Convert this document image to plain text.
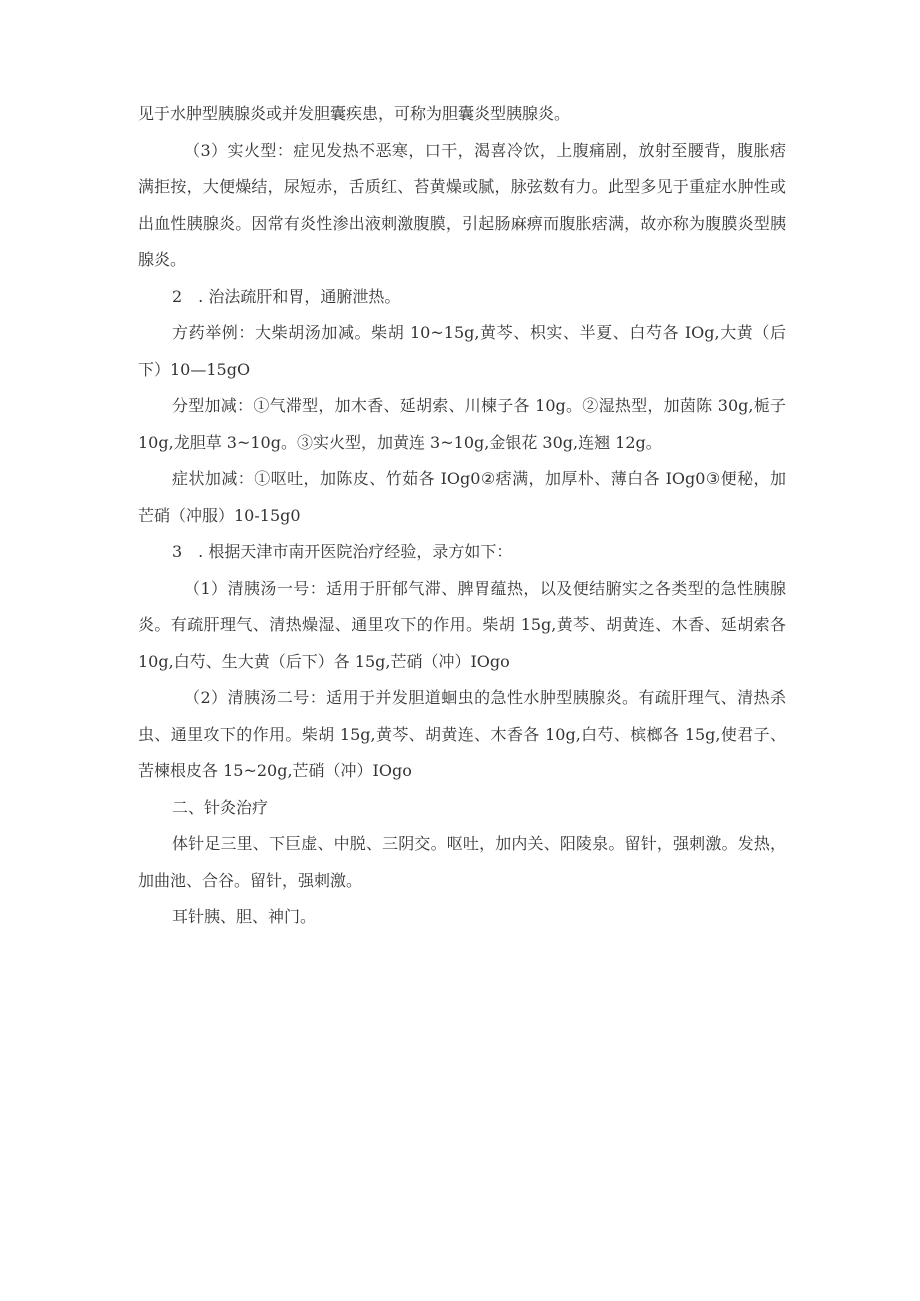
见于水肿型胰腺炎或并发胆囊疾患，可称为胆囊炎型胰腺炎。

（3）实火型：症见发热不恶寒，口干，渴喜冷饮，上腹痛剧，放射至腰背，腹胀痞满拒按，大便燥结，尿短赤，舌质红、苔黄燥或腻，脉弦数有力。此型多见于重症水肿性或出血性胰腺炎。因常有炎性渗出液刺激腹膜，引起肠麻痹而腹胀痞满，故亦称为腹膜炎型胰腺炎。

2　. 治法疏肝和胃，通腑泄热。

方药举例：大柴胡汤加减。柴胡 10~15g,黄芩、枳实、半夏、白芍各 IOg,大黄（后下）10—15gO

分型加减：①气滞型，加木香、延胡索、川楝子各 10g。②湿热型，加茵陈 30g,栀子 10g,龙胆草 3~10g。③实火型，加黄连 3~10g,金银花 30g,连翘 12g。

症状加减：①呕吐，加陈皮、竹茹各 IOg0②痞满，加厚朴、薄白各 IOg0③便秘，加芒硝（冲服）10-15g0

3　. 根据天津市南开医院治疗经验，录方如下：

（1）清胰汤一号：适用于肝郁气滞、脾胃蕴热，以及便结腑实之各类型的急性胰腺炎。有疏肝理气、清热燥湿、通里攻下的作用。柴胡 15g,黄芩、胡黄连、木香、延胡索各 10g,白芍、生大黄（后下）各 15g,芒硝（冲）IOgo

（2）清胰汤二号：适用于并发胆道蛔虫的急性水肿型胰腺炎。有疏肝理气、清热杀虫、通里攻下的作用。柴胡 15g,黄芩、胡黄连、木香各 10g,白芍、槟榔各 15g,使君子、苦楝根皮各 15~20g,芒硝（冲）IOgo

二、针灸治疗

体针足三里、下巨虚、中脱、三阴交。呕吐，加内关、阳陵泉。留针，强刺激。发热，加曲池、合谷。留针，强刺激。

耳针胰、胆、神门。
